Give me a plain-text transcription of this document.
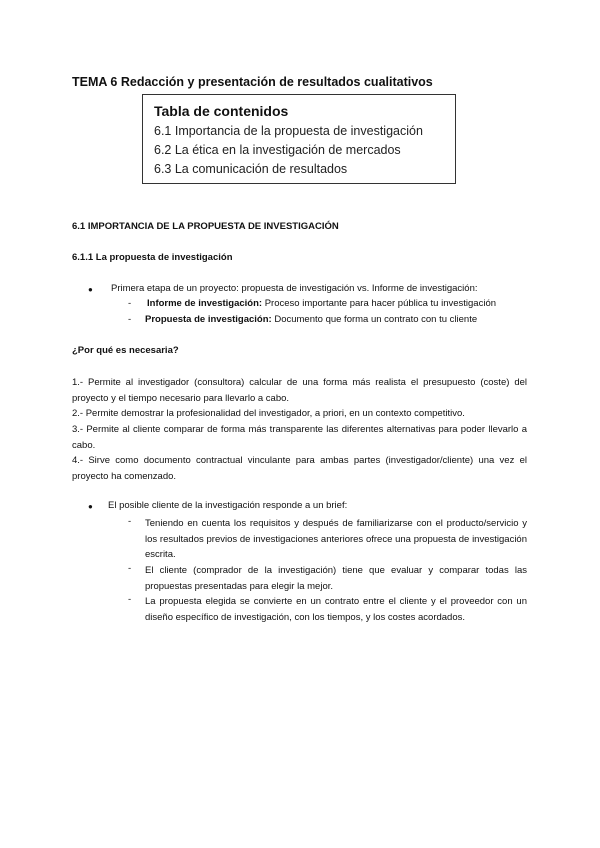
TEMA 6 Redacción y presentación de resultados cualitativos
Tabla de contenidos
6.1 Importancia de la propuesta de investigación
6.2 La ética en la investigación de mercados
6.3 La comunicación de resultados
6.1 IMPORTANCIA DE LA PROPUESTA DE INVESTIGACIÓN
6.1.1 La propuesta de investigación
● Primera etapa de un proyecto: propuesta de investigación vs. Informe de investigación:
- Informe de investigación: Proceso importante para hacer pública tu investigación
- Propuesta de investigación: Documento que forma un contrato con tu cliente
¿Por qué es necesaria?
1.- Permite al investigador (consultora) calcular de una forma más realista el presupuesto (coste) del proyecto y el tiempo necesario para llevarlo a cabo.
2.- Permite demostrar la profesionalidad del investigador, a priori, en un contexto competitivo.
3.- Permite al cliente comparar de forma más transparente las diferentes alternativas para poder llevarlo a cabo.
4.- Sirve como documento contractual vinculante para ambas partes (investigador/cliente) una vez el proyecto ha comenzado.
● El posible cliente de la investigación responde a un brief:
- Teniendo en cuenta los requisitos y después de familiarizarse con el producto/servicio y los resultados previos de investigaciones anteriores ofrece una propuesta de investigación escrita.
- El cliente (comprador de la investigación) tiene que evaluar y comparar todas las propuestas presentadas para elegir la mejor.
- La propuesta elegida se convierte en un contrato entre el cliente y el proveedor con un diseño específico de investigación, con los tiempos, y los costes acordados.
